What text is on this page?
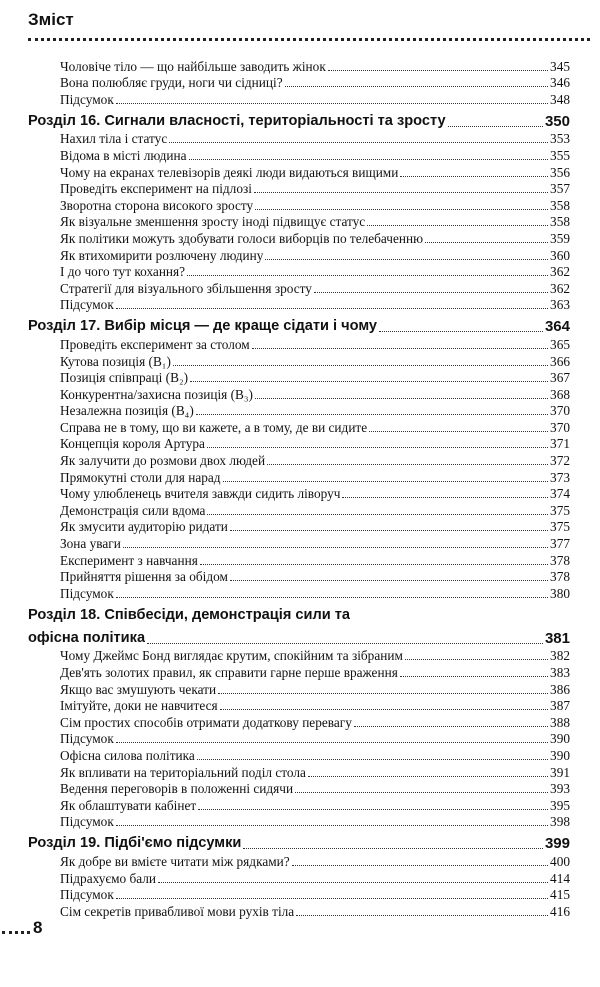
Зміст
Чоловіче тіло — що найбільше заводить жінок	345
Вона полюбляє груди, ноги чи сідниці?	346
Підсумок	348
Розділ 16. Сигнали власності, територіальності та зросту	350
Нахил тіла і статус	353
Відома в місті людина	355
Чому на екранах телевізорів деякі люди видаються вищими	356
Проведіть експеримент на підлозі	357
Зворотна сторона високого зросту	358
Як візуальне зменшення зросту іноді підвищує статус	358
Як політики можуть здобувати голоси виборців по телебаченню	359
Як втихомирити розлючену людину	360
І до чого тут кохання?	362
Стратегії для візуального збільшення зросту	362
Підсумок	363
Розділ 17. Вибір місця — де краще сідати і чому	364
Проведіть експеримент за столом	365
Кутова позиція (B₁)	366
Позиція співпраці (B₂)	367
Конкурентна/захисна позиція (B₃)	368
Незалежна позиція (B₄)	370
Справа не в тому, що ви кажете, а в тому, де ви сидите	370
Концепція короля Артура	371
Як залучити до розмови двох людей	372
Прямокутні столи для нарад	373
Чому улюбленець вчителя завжди сидить ліворуч	374
Демонстрація сили вдома	375
Як змусити аудиторію ридати	375
Зона уваги	377
Експеримент з навчання	378
Прийняття рішення за обідом	378
Підсумок	380
Розділ 18. Співбесіди, демонстрація сили та
офісна політика	381
Чому Джеймс Бонд виглядає крутим, спокійним та зібраним	382
Дев'ять золотих правил, як справити гарне перше враження	383
Якщо вас змушують чекати	386
Імітуйте, доки не навчитеся	387
Сім простих способів отримати додаткову перевагу	388
Підсумок	390
Офісна силова політика	390
Як впливати на територіальний поділ стола	391
Ведення переговорів в положенні сидячи	393
Як облаштувати кабінет	395
Підсумок	398
Розділ 19. Підбі'ємо підсумки	399
Як добре ви вмієте читати між рядками?	400
Підрахуємо бали	414
Підсумок	415
Сім секретів привабливої мови рухів тіла	416
8
